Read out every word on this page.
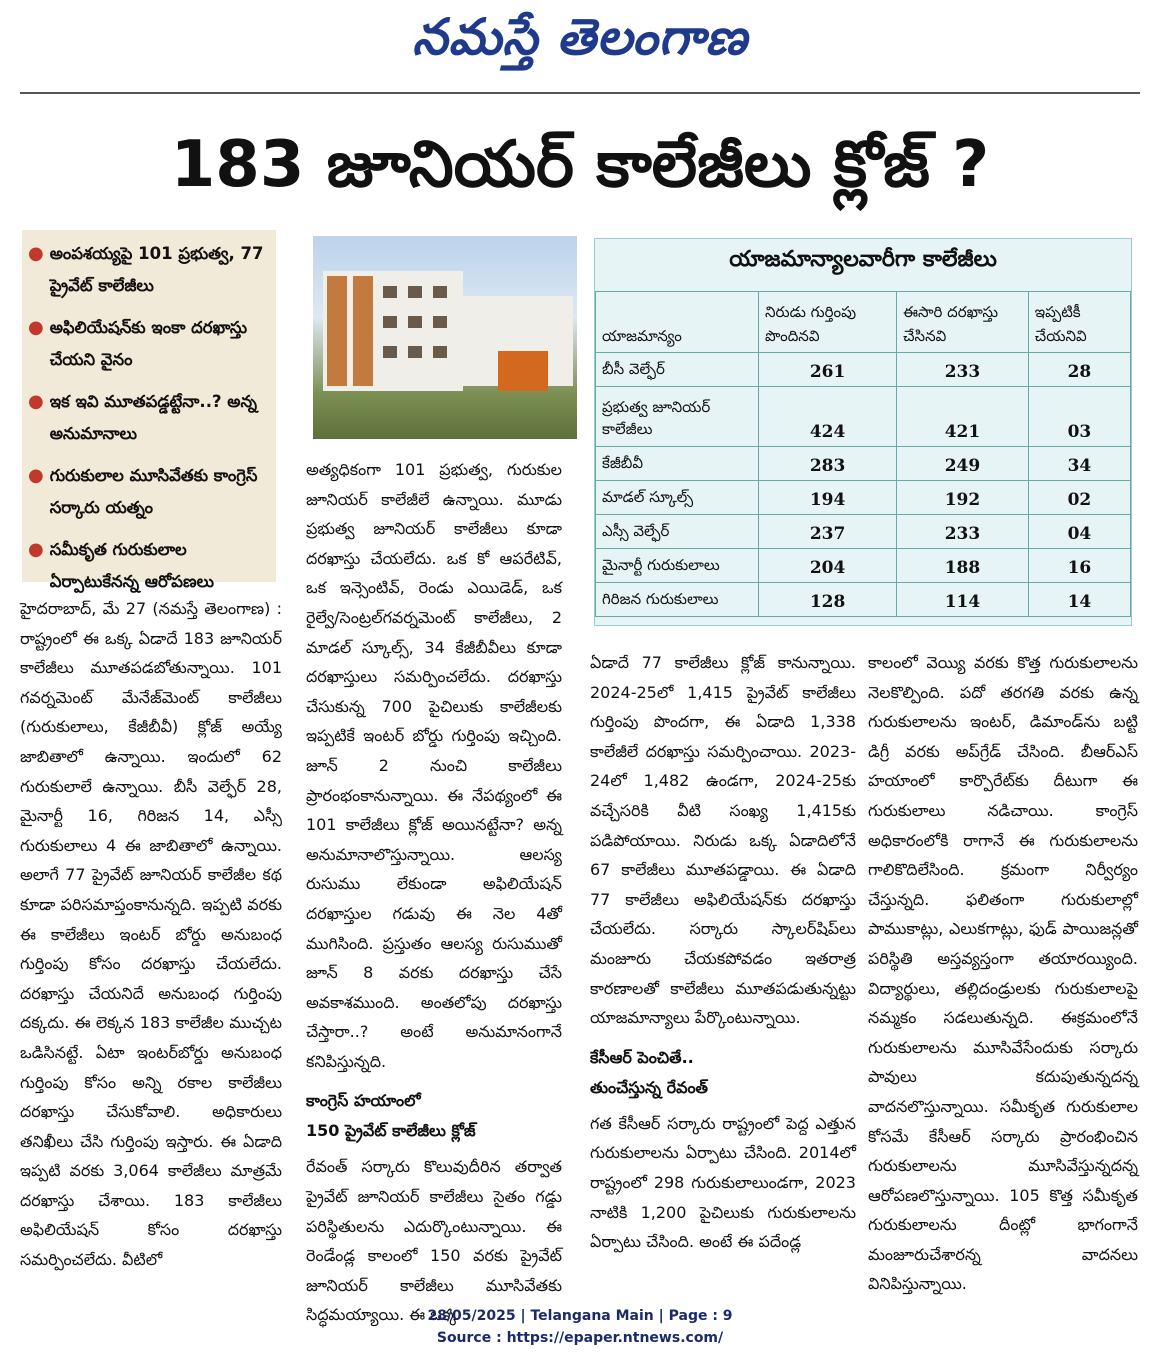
నమస్తే తెలంగాణ
183 జూనియర్ కాలేజీలు క్లోజ్ ?
● అంపశయ్యపై 101 ప్రభుత్వ, 77 ప్రైవేట్ కాలేజీలు
● అఫిలియేషన్‌కు ఇంకా దరఖాస్తు చేయని వైనం
● ఇక ఇవి మూతపడ్డట్టేనా..? అన్న అనుమానాలు
● గురుకులాల మూసివేతకు కాంగ్రెస్ సర్కారు యత్నం
● సమీకృత గురుకులాల ఏర్పాటుకేనన్న ఆరోపణలు
హైదరాబాద్, మే 27 (నమస్తే తెలంగాణ) : రాష్ట్రంలో ఈ ఒక్క ఏడాదే 183 జూనియర్ కాలేజీలు మూతపడబోతున్నాయి. 101 గవర్నమెంట్ మేనేజ్‌మెంట్ కాలేజీలు (గురుకులాలు, కేజీబీవీ) క్లోజ్ అయ్యే జాబితాలో ఉన్నాయి. ఇందులో 62 గురుకులాలే ఉన్నాయి. బీసీ వెల్ఫేర్ 28, మైనార్టీ 16, గిరిజన 14, ఎస్సీ గురుకులాలు 4 ఈ జాబితాలో ఉన్నాయి. అలాగే 77 ప్రైవేట్ జూనియర్ కాలేజీల కథ కూడా పరిసమాప్తంకానున్నది. ఇప్పటి వరకు ఈ కాలేజీలు ఇంటర్ బోర్డు అనుబంధ గుర్తింపు కోసం దరఖాస్తు చేయలేదు. దరఖాస్తు చేయనిదే అనుబంధ గుర్తింపు దక్కదు. ఈ లెక్కన 183 కాలేజీల ముచ్చట ఒడిసినట్టే. ఏటా ఇంటర్‌బోర్డు అనుబంధ గుర్తింపు కోసం అన్ని రకాల కాలేజీలు దరఖాస్తు చేసుకోవాలి. అధికారులు తనిఖీలు చేసి గుర్తింపు ఇస్తారు. ఈ ఏడాది ఇప్పటి వరకు 3,064 కాలేజీలు మాత్రమే దరఖాస్తు చేశాయి. 183 కాలేజీలు అఫిలియేషన్ కోసం దరఖాస్తు సమర్పించలేదు. వీటిలో
అత్యధికంగా 101 ప్రభుత్వ, గురుకుల జూనియర్ కాలేజీలే ఉన్నాయి. మూడు ప్రభుత్వ జూనియర్ కాలేజీలు కూడా దరఖాస్తు చేయలేదు. ఒక కో ఆపరేటివ్, ఒక ఇన్సెంటివ్, రెండు ఎయిడెడ్, ఒక రైల్వే/సెంట్రల్‌గవర్నమెంట్ కాలేజీలు, 2 మాడల్ స్కూల్స్, 34 కేజీబీవీలు కూడా దరఖాస్తులు సమర్పించలేదు. దరఖాస్తు చేసుకున్న 700 పైచిలుకు కాలేజీలకు ఇప్పటికే ఇంటర్ బోర్డు గుర్తింపు ఇచ్చింది. జూన్ 2 నుంచి కాలేజీలు ప్రారంభంకానున్నాయి. ఈ నేపథ్యంలో ఈ 101 కాలేజీలు క్లోజ్ అయినట్టేనా? అన్న అనుమానాలొస్తున్నాయి. ఆలస్య రుసుము లేకుండా అఫిలియేషన్ దరఖాస్తుల గడువు ఈ నెల 4తో ముగిసింది. ప్రస్తుతం ఆలస్య రుసుముతో జూన్ 8 వరకు దరఖాస్తు చేసే అవకాశముంది. అంతలోపు దరఖాస్తు చేస్తారా..? అంటే అనుమానంగానే కనిపిస్తున్నది.
కాంగ్రెస్ హయాంలో
150 ప్రైవేట్ కాలేజీలు క్లోజ్
రేవంత్ సర్కారు కొలువుదీరిన తర్వాత ప్రైవేట్ జూనియర్ కాలేజీలు సైతం గడ్డు పరిస్థితులను ఎదుర్కొంటున్నాయి. ఈ రెండేండ్ల కాలంలో 150 వరకు ప్రైవేట్ జూనియర్ కాలేజీలు మూసివేతకు సిద్ధమయ్యాయి. ఈ ఒక్క
యాజమాన్యాలవారీగా కాలేజీలు
యాజమాన్యం	నిరుడు గుర్తింపు పొందినవి	ఈసారి దరఖాస్తు చేసినవి	ఇప్పటికీ చేయనివి
బీసీ వెల్ఫేర్	261	233	28
ప్రభుత్వ జూనియర్ కాలేజీలు	424	421	03
కేజీబీవీ	283	249	34
మాడల్ స్కూల్స్	194	192	02
ఎస్సీ వెల్ఫేర్	237	233	04
మైనార్టీ గురుకులాలు	204	188	16
గిరిజన గురుకులాలు	128	114	14
ఏడాదే 77 కాలేజీలు క్లోజ్ కానున్నాయి. 2024-25లో 1,415 ప్రైవేట్ కాలేజీలు గుర్తింపు పొందగా, ఈ ఏడాది 1,338 కాలేజీలే దరఖాస్తు సమర్పించాయి. 2023-24లో 1,482 ఉండగా, 2024-25కు వచ్చేసరికి వీటి సంఖ్య 1,415కు పడిపోయాయి. నిరుడు ఒక్క ఏడాదిలోనే 67 కాలేజీలు మూతపడ్డాయి. ఈ ఏడాది 77 కాలేజీలు అఫిలియేషన్‌కు దరఖాస్తు చేయలేదు. సర్కారు స్కాలర్‌షిప్‌లు మంజూరు చేయకపోవడం ఇతరాత్ర కారణాలతో కాలేజీలు మూతపడుతున్నట్టు యాజమాన్యాలు పేర్కొంటున్నాయి.
కేసీఆర్ పెంచితే..
తుంచేస్తున్న రేవంత్
గత కేసీఆర్ సర్కారు రాష్ట్రంలో పెద్ద ఎత్తున గురుకులాలను ఏర్పాటు చేసింది. 2014లో రాష్ట్రంలో 298 గురుకులాలుండగా, 2023 నాటికి 1,200 పైచిలుకు గురుకులాలను ఏర్పాటు చేసింది. అంటే ఈ పదేండ్ల
కాలంలో వెయ్యి వరకు కొత్త గురుకులాలను నెలకొల్పింది. పదో తరగతి వరకు ఉన్న గురుకులాలను ఇంటర్, డిమాండ్‌ను బట్టి డిగ్రీ వరకు అప్‌గ్రేడ్ చేసింది. బీఆర్‌ఎస్ హయాంలో కార్పొరేట్‌కు దీటుగా ఈ గురుకులాలు నడిచాయి. కాంగ్రెస్ అధికారంలోకి రాగానే ఈ గురుకులాలను గాలికొదిలేసింది. క్రమంగా నిర్వీర్యం చేస్తున్నది. ఫలితంగా గురుకులాల్లో పాముకాట్లు, ఎలుకగాట్లు, ఫుడ్ పాయిజన్లతో పరిస్థితి అస్తవ్యస్తంగా తయారయ్యింది. విద్యార్థులు, తల్లిదండ్రులకు గురుకులాలపై నమ్మకం సడలుతున్నది. ఈక్రమంలోనే గురుకులాలను మూసివేసేందుకు సర్కారు పావులు కదుపుతున్నదన్న వాదనలొస్తున్నాయి. సమీకృత గురుకులాల కోసమే కేసీఆర్ సర్కారు ప్రారంభించిన గురుకులాలను మూసివేస్తున్నదన్న ఆరోపణలొస్తున్నాయి. 105 కొత్త సమీకృత గురుకులాలను దీంట్లో భాగంగానే మంజూరుచేశారన్న వాదనలు వినిపిస్తున్నాయి.
28/05/2025 | Telangana Main | Page : 9
Source : https://epaper.ntnews.com/
